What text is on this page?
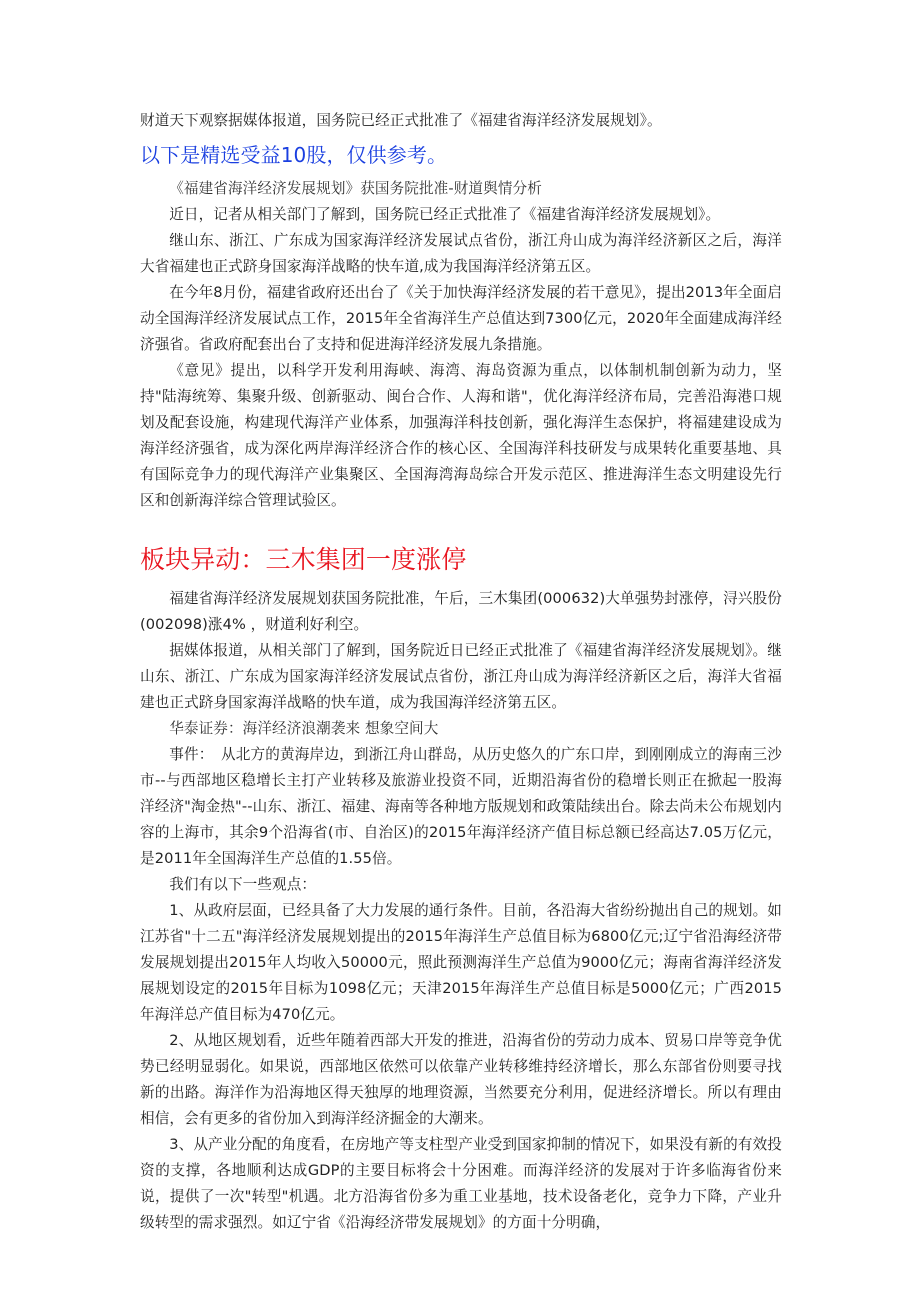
财道天下观察据媒体报道，国务院已经正式批准了《福建省海洋经济发展规划》。

以下是精选受益10股，仅供参考。

《福建省海洋经济发展规划》获国务院批准-财道舆情分析

近日，记者从相关部门了解到，国务院已经正式批准了《福建省海洋经济发展规划》。

继山东、浙江、广东成为国家海洋经济发展试点省份，浙江舟山成为海洋经济新区之后，海洋大省福建也正式跻身国家海洋战略的快车道,成为我国海洋经济第五区。

在今年8月份，福建省政府还出台了《关于加快海洋经济发展的若干意见》，提出2013年全面启动全国海洋经济发展试点工作，2015年全省海洋生产总值达到7300亿元，2020年全面建成海洋经济强省。省政府配套出台了支持和促进海洋经济发展九条措施。

《意见》提出，以科学开发利用海峡、海湾、海岛资源为重点，以体制机制创新为动力，坚持"陆海统筹、集聚升级、创新驱动、闽台合作、人海和谐"，优化海洋经济布局，完善沿海港口规划及配套设施，构建现代海洋产业体系，加强海洋科技创新，强化海洋生态保护，将福建建设成为海洋经济强省，成为深化两岸海洋经济合作的核心区、全国海洋科技研发与成果转化重要基地、具有国际竞争力的现代海洋产业集聚区、全国海湾海岛综合开发示范区、推进海洋生态文明建设先行区和创新海洋综合管理试验区。

板块异动：三木集团一度涨停

福建省海洋经济发展规划获国务院批准，午后，三木集团(000632)大单强势封涨停，浔兴股份(002098)涨4% ，财道利好利空。

据媒体报道，从相关部门了解到，国务院近日已经正式批准了《福建省海洋经济发展规划》。继山东、浙江、广东成为国家海洋经济发展试点省份，浙江舟山成为海洋经济新区之后，海洋大省福建也正式跻身国家海洋战略的快车道，成为我国海洋经济第五区。

华泰证券：海洋经济浪潮袭来 想象空间大

事件：　从北方的黄海岸边，到浙江舟山群岛，从历史悠久的广东口岸，到刚刚成立的海南三沙市--与西部地区稳增长主打产业转移及旅游业投资不同，近期沿海省份的稳增长则正在掀起一股海洋经济"淘金热"--山东、浙江、福建、海南等各种地方版规划和政策陆续出台。除去尚未公布规划内容的上海市，其余9个沿海省(市、自治区)的2015年海洋经济产值目标总额已经高达7.05万亿元，是2011年全国海洋生产总值的1.55倍。

我们有以下一些观点：

1、从政府层面，已经具备了大力发展的通行条件。目前，各沿海大省纷纷抛出自己的规划。如江苏省"十二五"海洋经济发展规划提出的2015年海洋生产总值目标为6800亿元;辽宁省沿海经济带发展规划提出2015年人均收入50000元，照此预测海洋生产总值为9000亿元；海南省海洋经济发展规划设定的2015年目标为1098亿元；天津2015年海洋生产总值目标是5000亿元；广西2015年海洋总产值目标为470亿元。

2、从地区规划看，近些年随着西部大开发的推进，沿海省份的劳动力成本、贸易口岸等竞争优势已经明显弱化。如果说，西部地区依然可以依靠产业转移维持经济增长，那么东部省份则要寻找新的出路。海洋作为沿海地区得天独厚的地理资源，当然要充分利用，促进经济增长。所以有理由相信，会有更多的省份加入到海洋经济掘金的大潮来。

3、从产业分配的角度看，在房地产等支柱型产业受到国家抑制的情况下，如果没有新的有效投资的支撑，各地顺利达成GDP的主要目标将会十分困难。而海洋经济的发展对于许多临海省份来说，提供了一次"转型"机遇。北方沿海省份多为重工业基地，技术设备老化，竞争力下降，产业升级转型的需求强烈。如辽宁省《沿海经济带发展规划》的方面十分明确，
